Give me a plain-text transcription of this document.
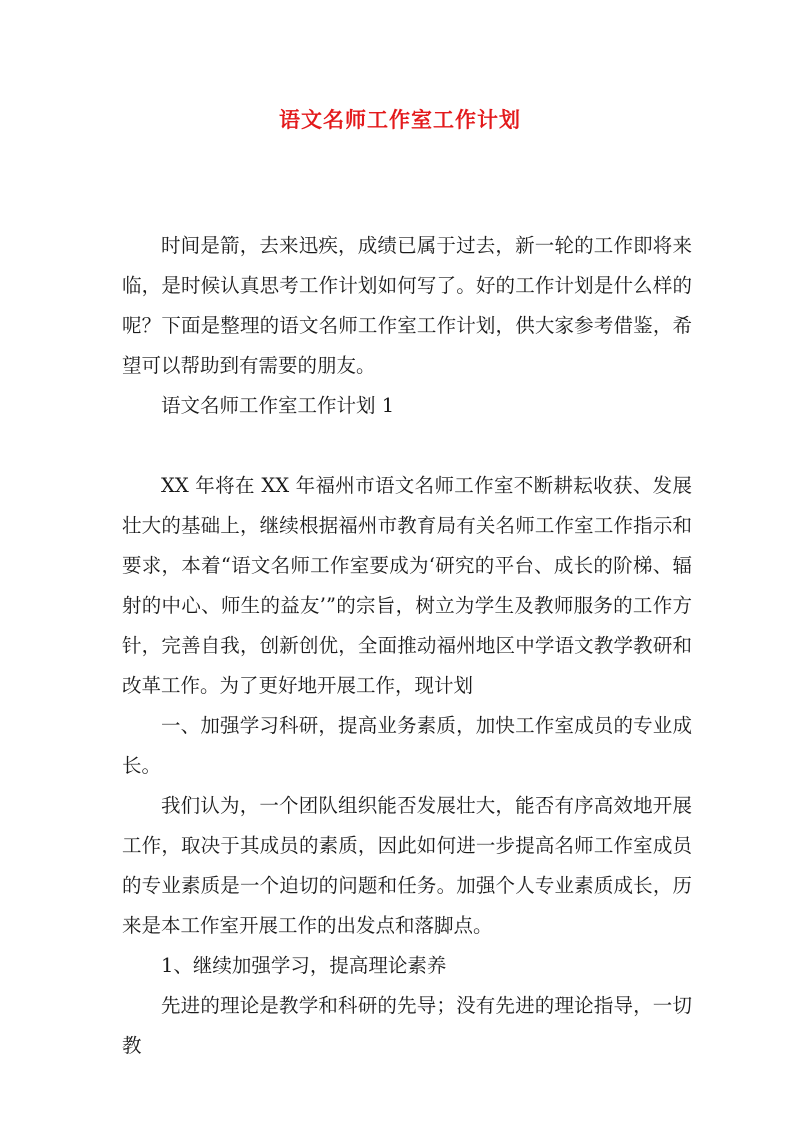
语文名师工作室工作计划

时间是箭，去来迅疾，成绩已属于过去，新一轮的工作即将来临，是时候认真思考工作计划如何写了。好的工作计划是什么样的呢？下面是整理的语文名师工作室工作计划，供大家参考借鉴，希望可以帮助到有需要的朋友。

语文名师工作室工作计划 1

XX 年将在 XX 年福州市语文名师工作室不断耕耘收获、发展壮大的基础上，继续根据福州市教育局有关名师工作室工作指示和要求，本着“语文名师工作室要成为‘研究的平台、成长的阶梯、辐射的中心、师生的益友’”的宗旨，树立为学生及教师服务的工作方针，完善自我，创新创优，全面推动福州地区中学语文教学教研和改革工作。为了更好地开展工作，现计划

一、加强学习科研，提高业务素质，加快工作室成员的专业成长。

我们认为，一个团队组织能否发展壮大，能否有序高效地开展工作，取决于其成员的素质，因此如何进一步提高名师工作室成员的专业素质是一个迫切的问题和任务。加强个人专业素质成长，历来是本工作室开展工作的出发点和落脚点。

1、继续加强学习，提高理论素养

先进的理论是教学和科研的先导；没有先进的理论指导，一切教
